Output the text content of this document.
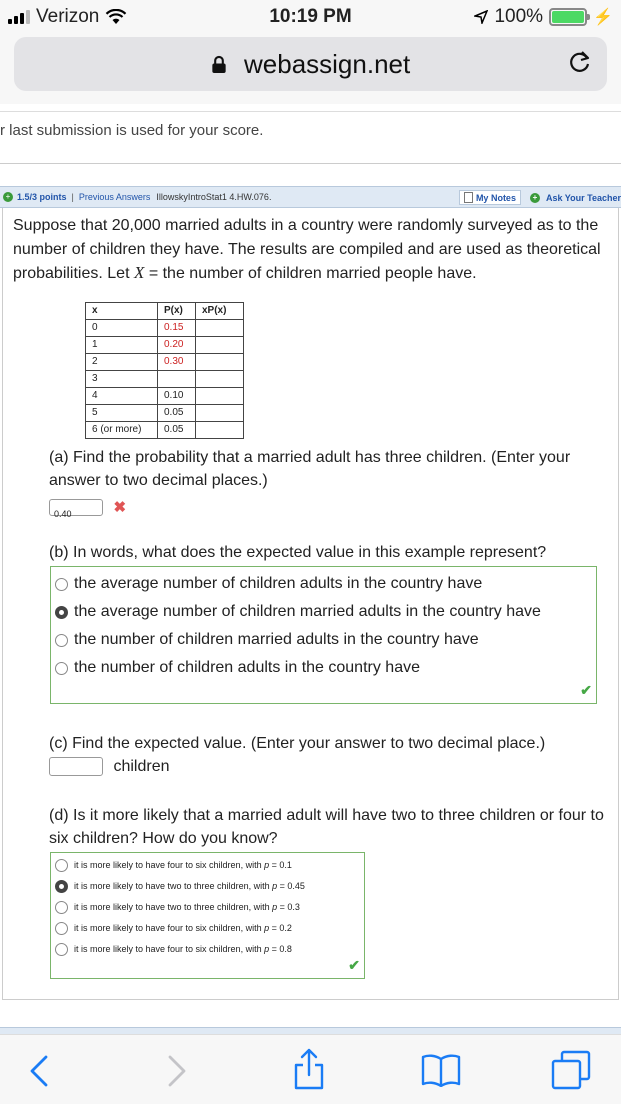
Verizon	10:19 PM	100%	⚡
webassign.net
r last submission is used for your score.
+ 1.5/3 points | Previous Answers IllowskyIntroStat1 4.HW.076.	My Notes	+ Ask Your Teacher
Suppose that 20,000 married adults in a country were randomly surveyed as to the number of children they have. The results are compiled and are used as theoretical probabilities. Let X = the number of children married people have.
x	P(x)	xP(x)
0	0.15	
1	0.20	
2	0.30	
3		
4	0.10	
5	0.05	
6 (or more)	0.05	
(a) Find the probability that a married adult has three children. (Enter your answer to two decimal places.)
0.40	✖
(b) In words, what does the expected value in this example represent?
the average number of children adults in the country have
the average number of children married adults in the country have
the number of children married adults in the country have
the number of children adults in the country have
✔
(c) Find the expected value. (Enter your answer to two decimal place.)
children
(d) Is it more likely that a married adult will have two to three children or four to six children? How do you know?
it is more likely to have four to six children, with p = 0.1
it is more likely to have two to three children, with p = 0.45
it is more likely to have two to three children, with p = 0.3
it is more likely to have four to six children, with p = 0.2
it is more likely to have four to six children, with p = 0.8
✔
